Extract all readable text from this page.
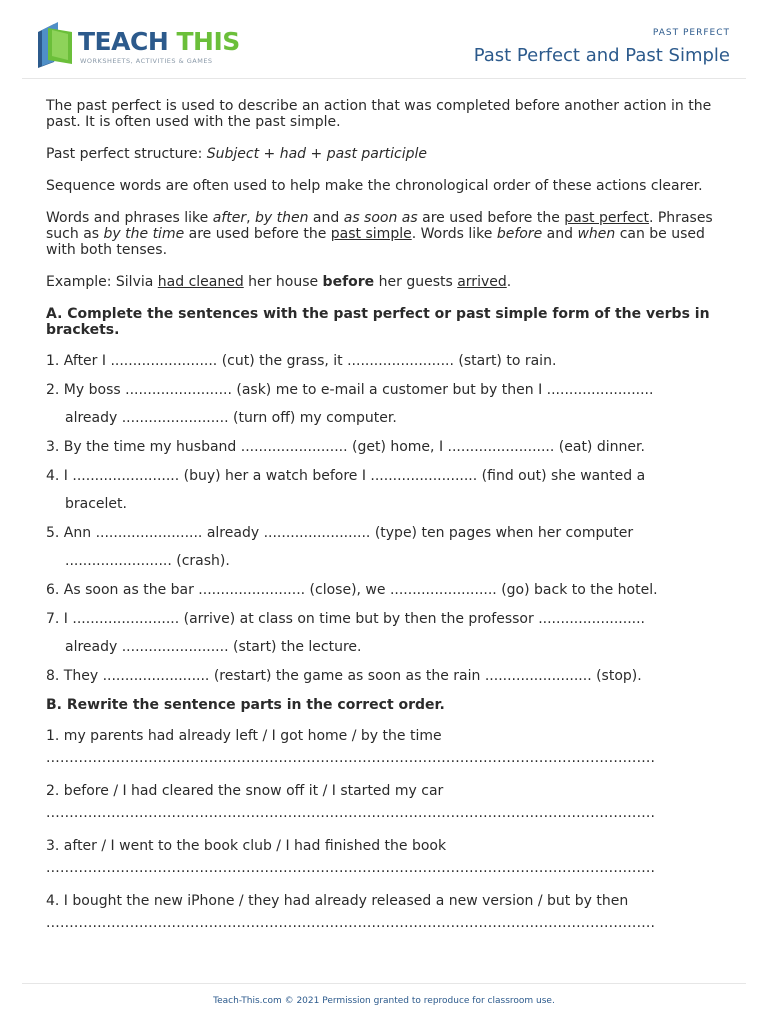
TEACH THIS
WORKSHEETS, ACTIVITIES & GAMES
PAST PERFECT
Past Perfect and Past Simple

The past perfect is used to describe an action that was completed before another action in the past. It is often used with the past simple.

Past perfect structure: Subject + had + past participle

Sequence words are often used to help make the chronological order of these actions clearer.

Words and phrases like after, by then and as soon as are used before the past perfect. Phrases such as by the time are used before the past simple. Words like before and when can be used with both tenses.

Example: Silvia had cleaned her house before her guests arrived.

A. Complete the sentences with the past perfect or past simple form of the verbs in brackets.

1. After I ........................ (cut) the grass, it ........................ (start) to rain.
2. My boss ........................ (ask) me to e-mail a customer but by then I ........................
already ........................ (turn off) my computer.
3. By the time my husband ........................ (get) home, I ........................ (eat) dinner.
4. I ........................ (buy) her a watch before I ........................ (find out) she wanted a
bracelet.
5. Ann ........................ already ........................ (type) ten pages when her computer
........................ (crash).
6. As soon as the bar ........................ (close), we ........................ (go) back to the hotel.
7. I ........................ (arrive) at class on time but by then the professor ........................
already ........................ (start) the lecture.
8. They ........................ (restart) the game as soon as the rain ........................ (stop).

B. Rewrite the sentence parts in the correct order.

1. my parents had already left / I got home / by the time
...................................................................................................................................
2. before / I had cleared the snow off it / I started my car
...................................................................................................................................
3. after / I went to the book club / I had finished the book
...................................................................................................................................
4. I bought the new iPhone / they had already released a new version / but by then
...................................................................................................................................
Teach-This.com © 2021 Permission granted to reproduce for classroom use.
